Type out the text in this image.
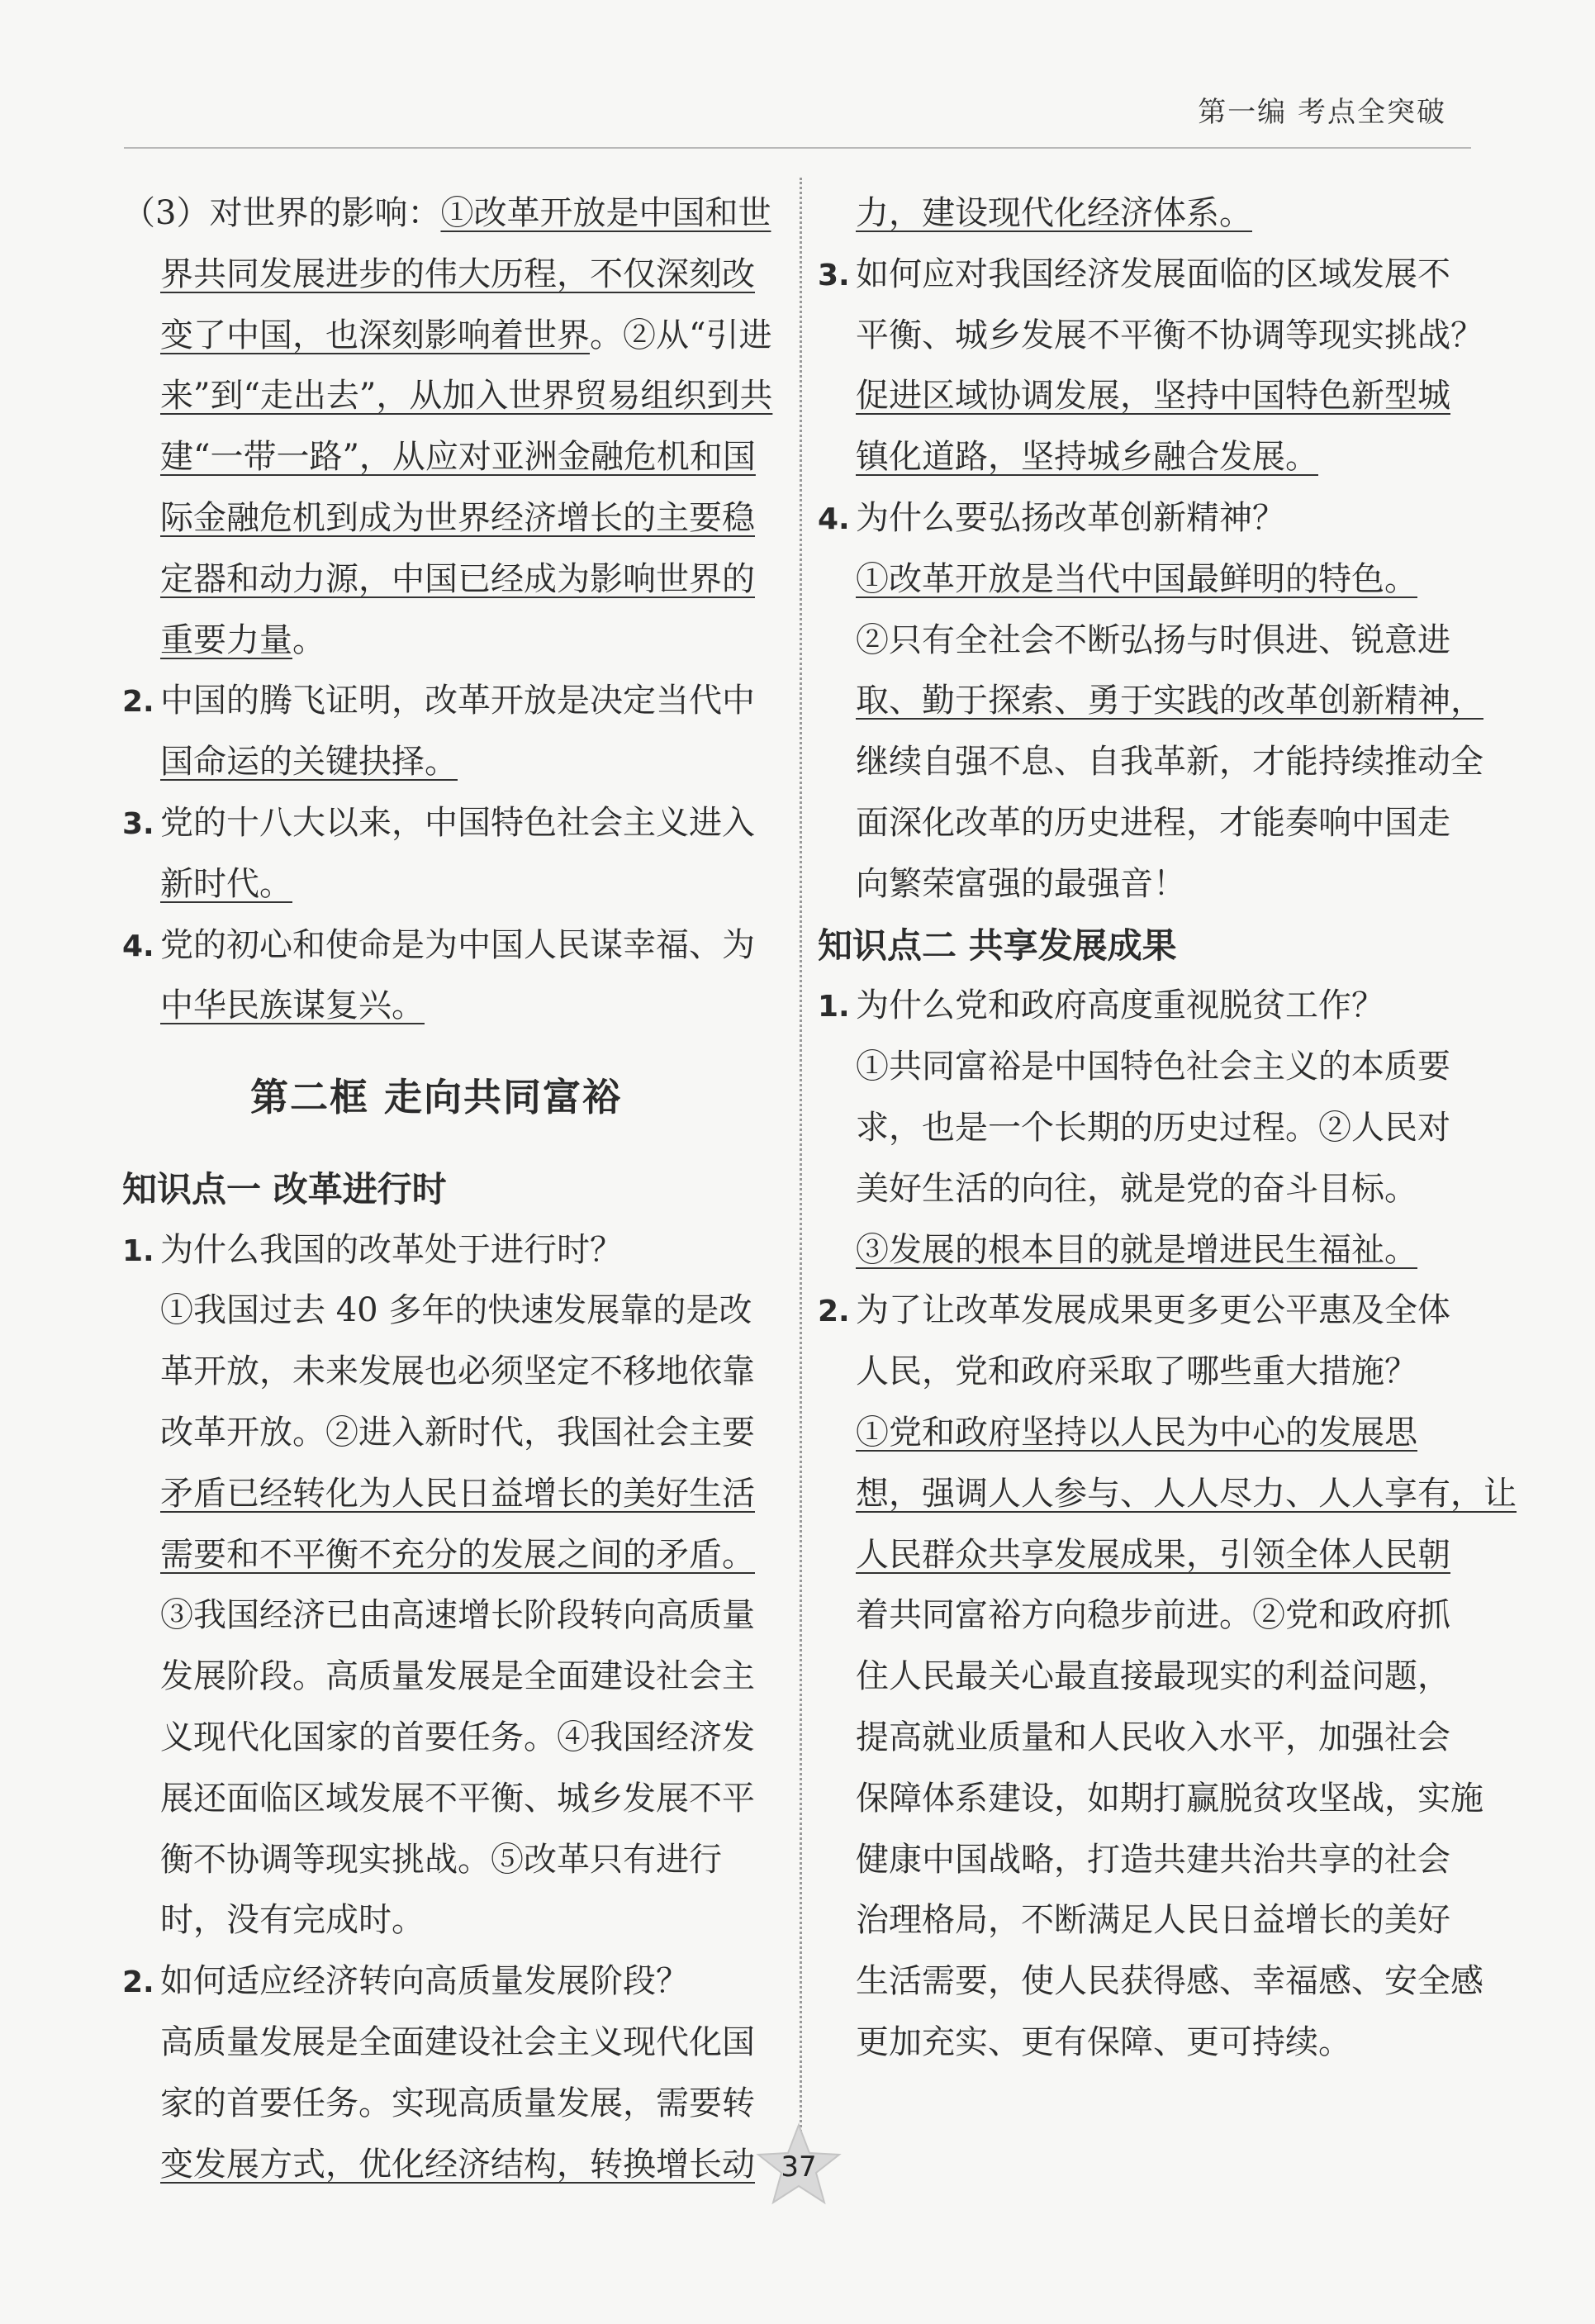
第一编 考点全突破
（3）对世界的影响：①改革开放是中国和世
界共同发展进步的伟大历程，不仅深刻改
变了中国，也深刻影响着世界。②从“引进
来”到“走出去”，从加入世界贸易组织到共
建“一带一路”，从应对亚洲金融危机和国
际金融危机到成为世界经济增长的主要稳
定器和动力源，中国已经成为影响世界的
重要力量。
2. 中国的腾飞证明，改革开放是决定当代中
国命运的关键抉择。
3. 党的十八大以来，中国特色社会主义进入
新时代。
4. 党的初心和使命是为中国人民谋幸福、为
中华民族谋复兴。
第二框 走向共同富裕
知识点一 改革进行时
1. 为什么我国的改革处于进行时？
①我国过去 40 多年的快速发展靠的是改
革开放，未来发展也必须坚定不移地依靠
改革开放。②进入新时代，我国社会主要
矛盾已经转化为人民日益增长的美好生活
需要和不平衡不充分的发展之间的矛盾。
③我国经济已由高速增长阶段转向高质量
发展阶段。高质量发展是全面建设社会主
义现代化国家的首要任务。④我国经济发
展还面临区域发展不平衡、城乡发展不平
衡不协调等现实挑战。⑤改革只有进行
时，没有完成时。
2. 如何适应经济转向高质量发展阶段？
高质量发展是全面建设社会主义现代化国
家的首要任务。实现高质量发展，需要转
变发展方式，优化经济结构，转换增长动
力，建设现代化经济体系。
3. 如何应对我国经济发展面临的区域发展不
平衡、城乡发展不平衡不协调等现实挑战？
促进区域协调发展，坚持中国特色新型城
镇化道路，坚持城乡融合发展。
4. 为什么要弘扬改革创新精神？
①改革开放是当代中国最鲜明的特色。
②只有全社会不断弘扬与时俱进、锐意进
取、勤于探索、勇于实践的改革创新精神，
继续自强不息、自我革新，才能持续推动全
面深化改革的历史进程，才能奏响中国走
向繁荣富强的最强音！
知识点二 共享发展成果
1. 为什么党和政府高度重视脱贫工作？
①共同富裕是中国特色社会主义的本质要
求，也是一个长期的历史过程。②人民对
美好生活的向往，就是党的奋斗目标。
③发展的根本目的就是增进民生福祉。
2. 为了让改革发展成果更多更公平惠及全体
人民，党和政府采取了哪些重大措施？
①党和政府坚持以人民为中心的发展思
想，强调人人参与、人人尽力、人人享有，让
人民群众共享发展成果，引领全体人民朝
着共同富裕方向稳步前进。②党和政府抓
住人民最关心最直接最现实的利益问题，
提高就业质量和人民收入水平，加强社会
保障体系建设，如期打赢脱贫攻坚战，实施
健康中国战略，打造共建共治共享的社会
治理格局，不断满足人民日益增长的美好
生活需要，使人民获得感、幸福感、安全感
更加充实、更有保障、更可持续。
37
